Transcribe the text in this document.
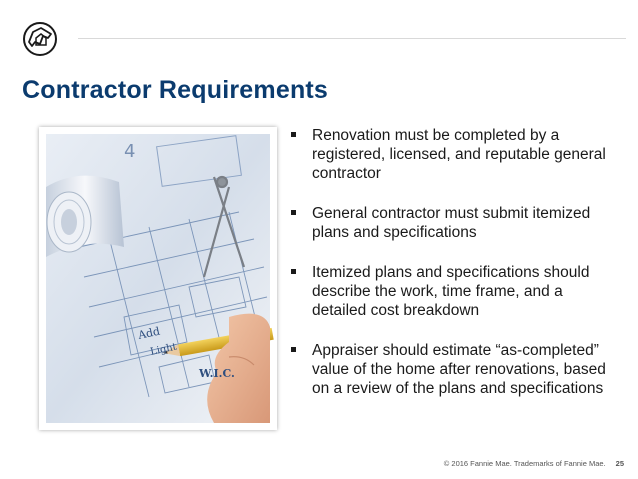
Contractor Requirements
4
Add
Light
W.I.C.
Renovation must be completed by a registered, licensed, and reputable general contractor
General contractor must submit itemized plans and specifications
Itemized plans and specifications should describe the work, time frame, and a detailed cost breakdown
Appraiser should estimate “as-completed” value of the home after renovations, based on a review of the plans and specifications
© 2016 Fannie Mae. Trademarks of Fannie Mae. 25
